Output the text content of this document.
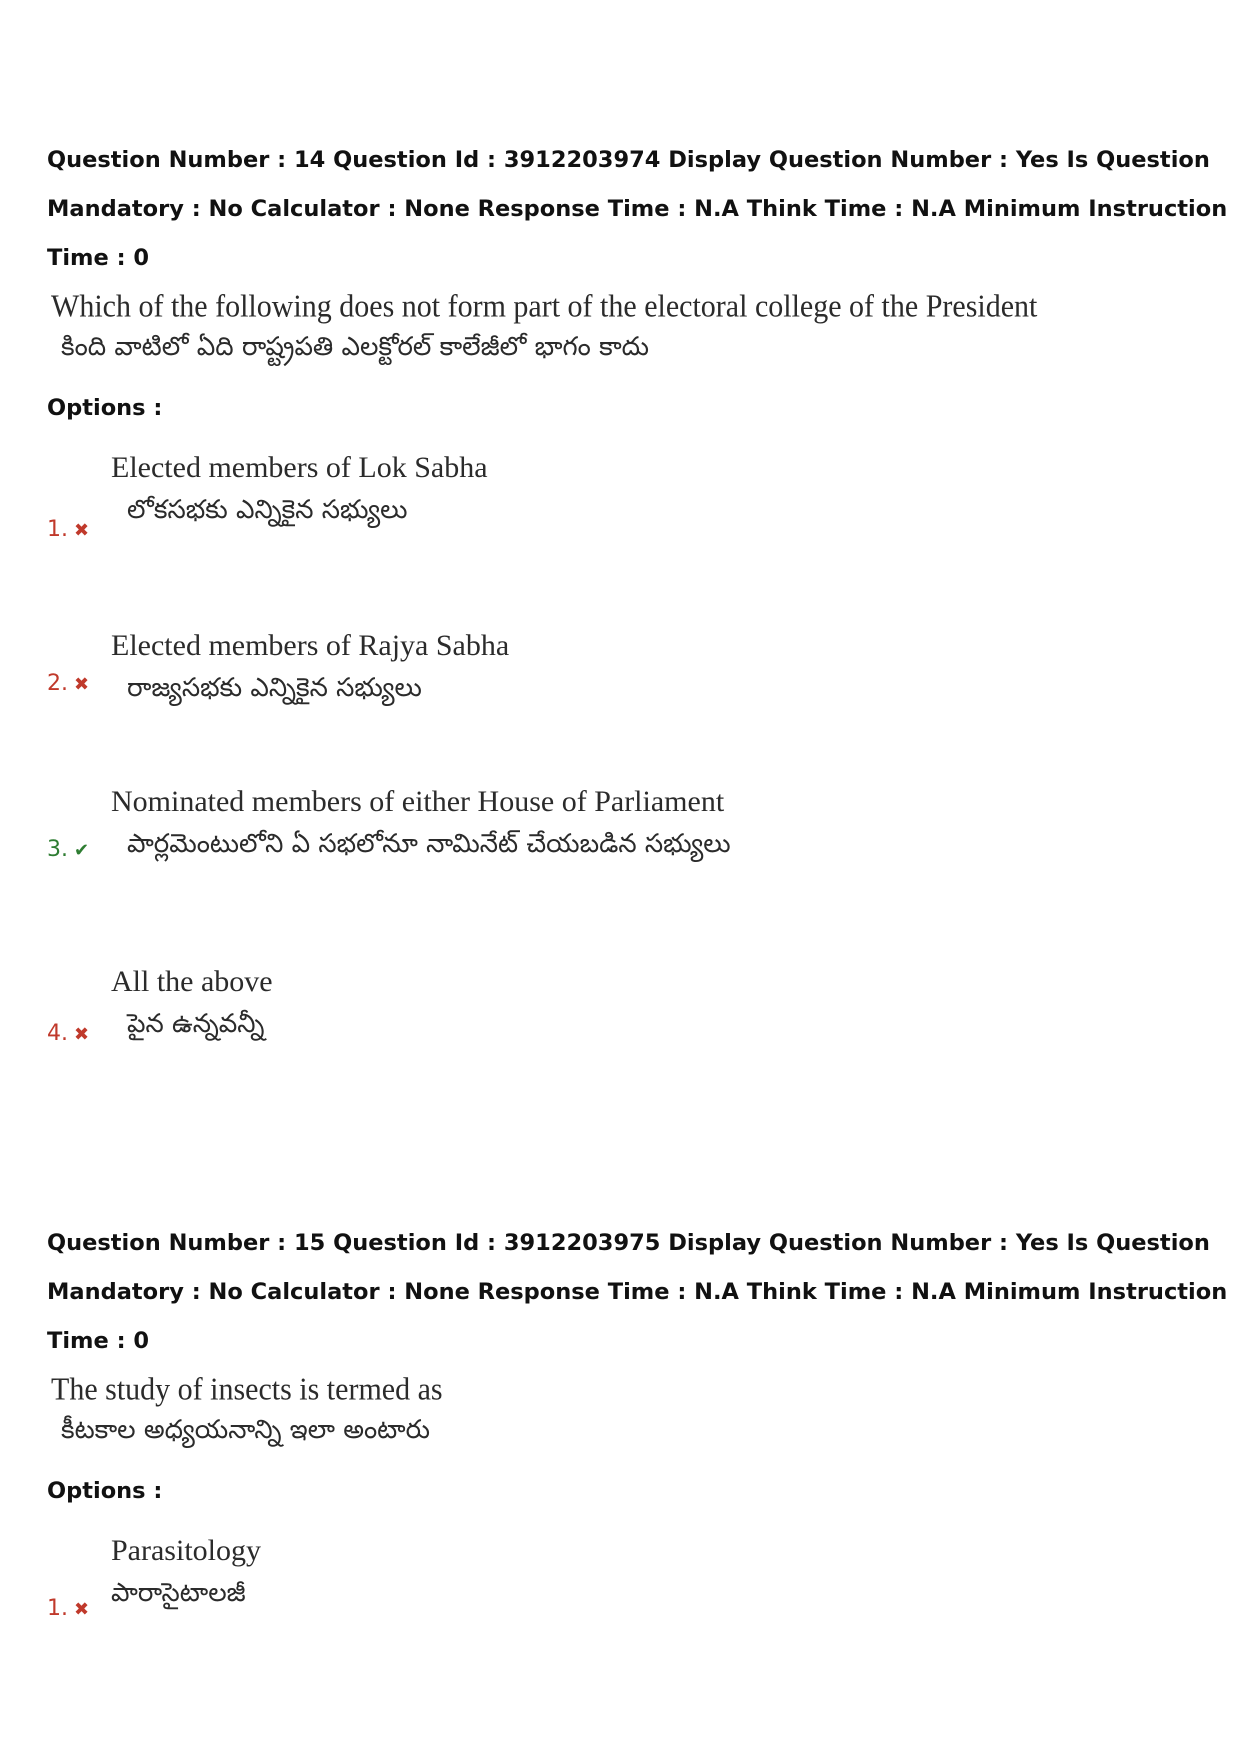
Question Number : 14 Question Id : 3912203974 Display Question Number : Yes Is Question
Mandatory : No Calculator : None Response Time : N.A Think Time : N.A Minimum Instruction
Time : 0
Which of the following does not form part of the electoral college of the President
కింది వాటిలో ఏది రాష్ట్రపతి ఎలక్టోరల్ కాలేజీలో భాగం కాదు
Options :
Elected members of Lok Sabha
లోకసభకు ఎన్నికైన సభ్యులు
1. ✖
Elected members of Rajya Sabha
రాజ్యసభకు ఎన్నికైన సభ్యులు
2. ✖
Nominated members of either House of Parliament
పార్లమెంటులోని ఏ సభలోనూ నామినేట్ చేయబడిన సభ్యులు
3. ✔
All the above
పైన ఉన్నవన్నీ
4. ✖
Question Number : 15 Question Id : 3912203975 Display Question Number : Yes Is Question
Mandatory : No Calculator : None Response Time : N.A Think Time : N.A Minimum Instruction
Time : 0
The study of insects is termed as
కీటకాల అధ్యయనాన్ని ఇలా అంటారు
Options :
Parasitology
పారాసైటాలజీ
1. ✖
